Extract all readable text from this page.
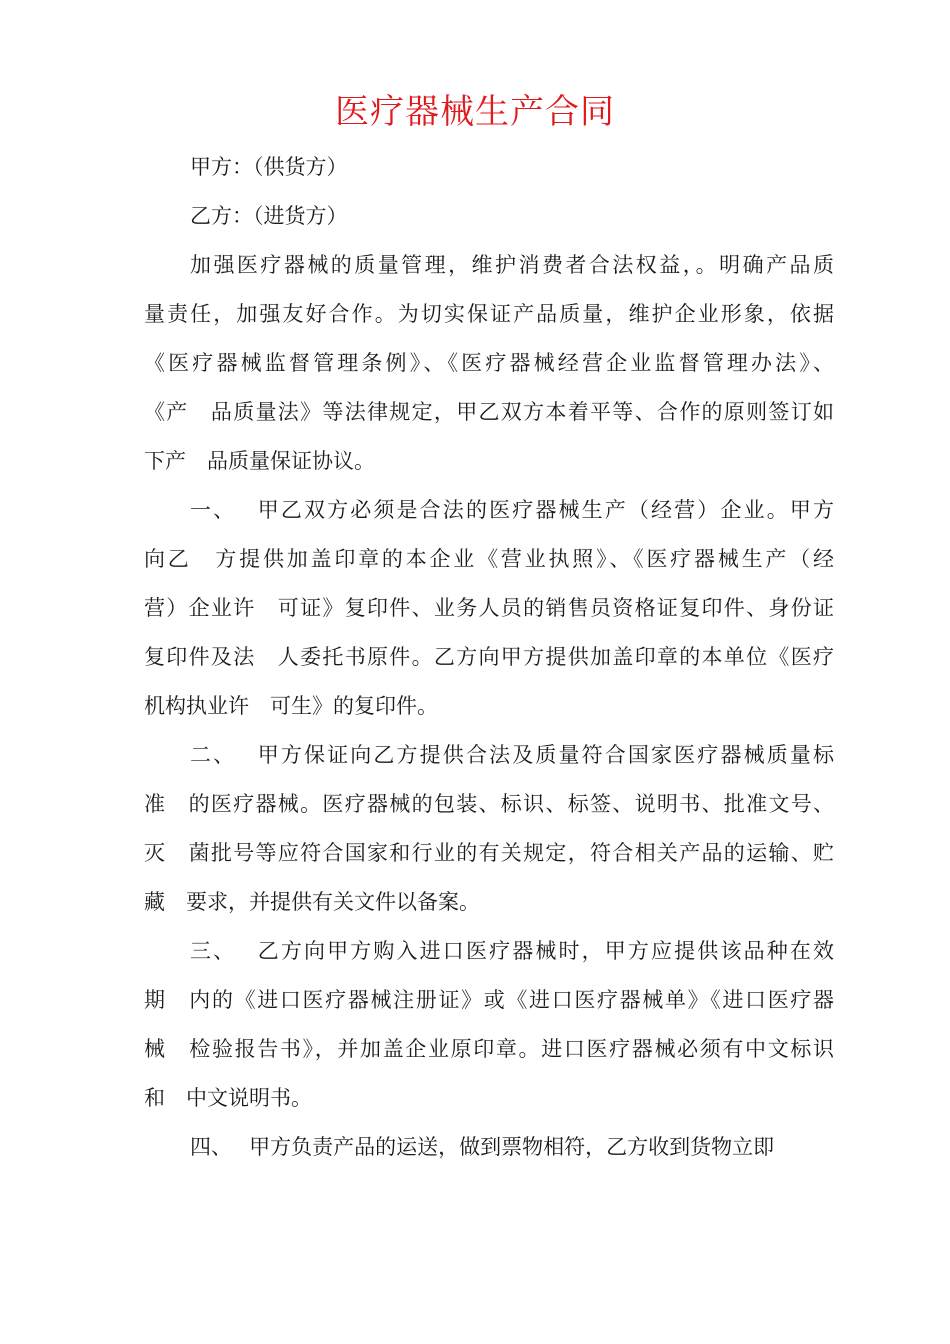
医疗器械生产合同
甲方：（供货方）
乙方：（进货方）
加强医疗器械的质量管理，维护消费者合法权益，。明确产品质
量责任，加强友好合作。为切实保证产品质量，维护企业形象，依据
《医疗器械监督管理条例》、《医疗器械经营企业监督管理办法》、
《产　品质量法》等法律规定，甲乙双方本着平等、合作的原则签订如
下产　品质量保证协议。
一、　 甲乙双方必须是合法的医疗器械生产（经营）企业。甲方
向乙　方提供加盖印章的本企业《营业执照》、《医疗器械生产（经
营）企业许　可证》复印件、业务人员的销售员资格证复印件、身份证
复印件及法　人委托书原件。乙方向甲方提供加盖印章的本单位《医疗
机构执业许　可生》的复印件。
二、　 甲方保证向乙方提供合法及质量符合国家医疗器械质量标
准　的医疗器械。医疗器械的包装、标识、标签、说明书、批准文号、
灭　菌批号等应符合国家和行业的有关规定，符合相关产品的运输、贮
藏　要求，并提供有关文件以备案。
三、　 乙方向甲方购入进口医疗器械时，甲方应提供该品种在效
期　内的《进口医疗器械注册证》或《进口医疗器械单》《进口医疗器
械　检验报告书》，并加盖企业原印章。进口医疗器械必须有中文标识
和　中文说明书。
四、　 甲方负责产品的运送，做到票物相符，乙方收到货物立即
